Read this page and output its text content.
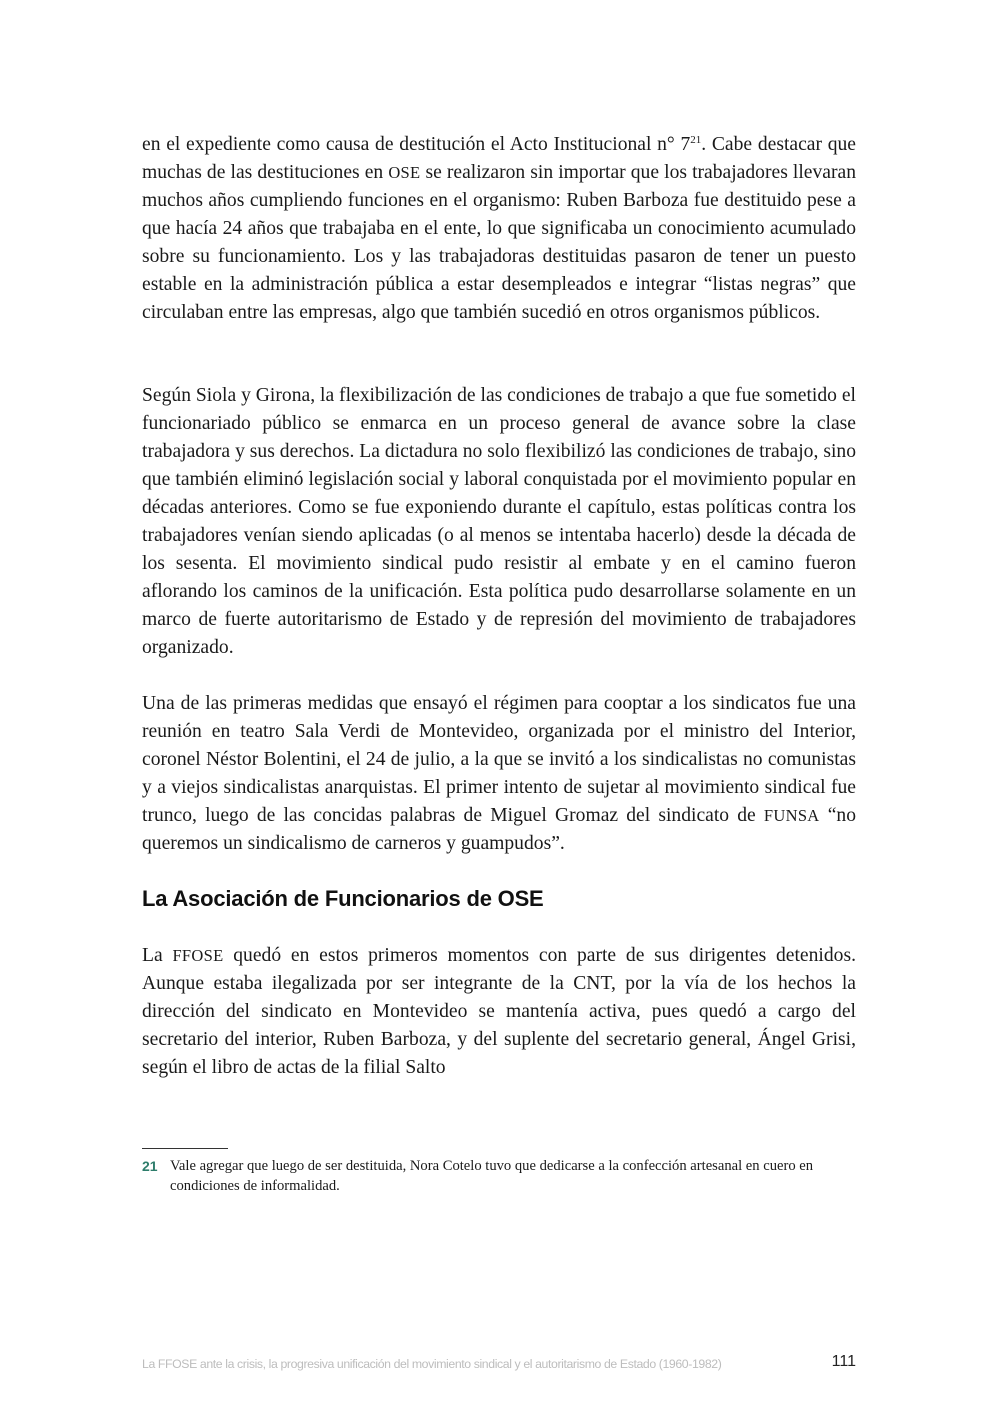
en el expediente como causa de destitución el Acto Institucional n° 7$^{21}$. Cabe destacar que muchas de las destituciones en OSE se realizaron sin importar que los trabajadores llevaran muchos años cumpliendo funciones en el organismo: Ruben Barboza fue destituido pese a que hacía 24 años que trabajaba en el ente, lo que significaba un conocimiento acumulado sobre su funcionamiento. Los y las trabajadoras destituidas pasaron de tener un puesto estable en la administración pública a estar desempleados e integrar “listas negras” que circulaban entre las empresas, algo que también sucedió en otros organismos públicos.

Según Siola y Girona, la flexibilización de las condiciones de trabajo a que fue sometido el funcionariado público se enmarca en un proceso general de avance sobre la clase trabajadora y sus derechos. La dictadura no solo flexibilizó las condiciones de trabajo, sino que también eliminó legislación social y laboral conquistada por el movimiento popular en décadas anteriores. Como se fue exponiendo durante el capítulo, estas políticas contra los trabajadores venían siendo aplicadas (o al menos se intentaba hacerlo) desde la década de los sesenta. El movimiento sindical pudo resistir al embate y en el camino fueron aflorando los caminos de la unificación. Esta política pudo desarrollarse solamente en un marco de fuerte autoritarismo de Estado y de represión del movimiento de trabajadores organizado.

Una de las primeras medidas que ensayó el régimen para cooptar a los sindicatos fue una reunión en teatro Sala Verdi de Montevideo, organizada por el ministro del Interior, coronel Néstor Bolentini, el 24 de julio, a la que se invitó a los sindicalistas no comunistas y a viejos sindicalistas anarquistas. El primer intento de sujetar al movimiento sindical fue trunco, luego de las concidas palabras de Miguel Gromaz del sindicato de FUNSA “no queremos un sindicalismo de carneros y guampudos”.

La Asociación de Funcionarios de OSE

La FFOSE quedó en estos primeros momentos con parte de sus dirigentes detenidos. Aunque estaba ilegalizada por ser integrante de la CNT, por la vía de los hechos la dirección del sindicato en Montevideo se mantenía activa, pues quedó a cargo del secretario del interior, Ruben Barboza, y del suplente del secretario general, Ángel Grisi, según el libro de actas de la filial Salto

21 Vale agregar que luego de ser destituida, Nora Cotelo tuvo que dedicarse a la confección artesanal en cuero en condiciones de informalidad.

La FFOSE ante la crisis, la progresiva unificación del movimiento sindical y el autoritarismo de Estado (1960-1982)	111
